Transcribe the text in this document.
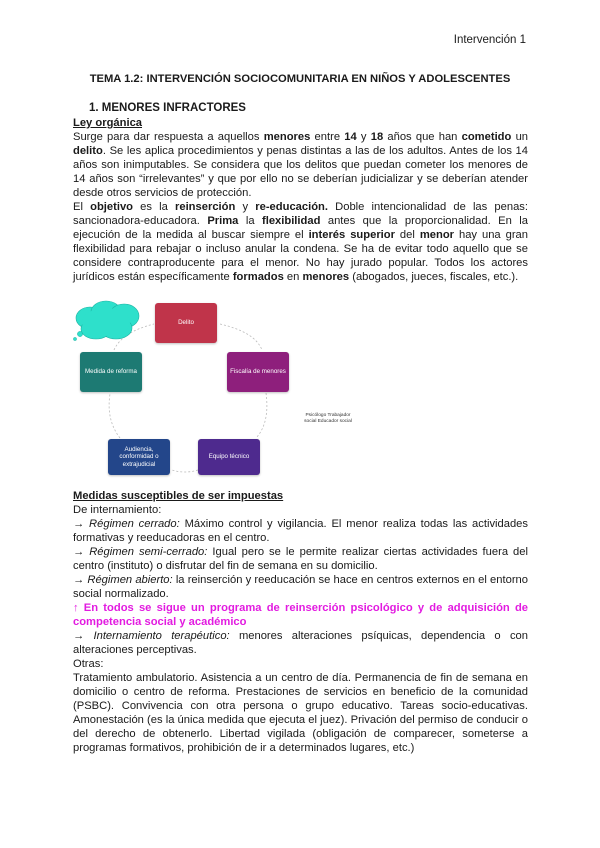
Intervención 1
TEMA 1.2: INTERVENCIÓN SOCIOCOMUNITARIA EN NIÑOS Y ADOLESCENTES
1. MENORES INFRACTORES
Ley orgánica

Surge para dar respuesta a aquellos menores entre 14 y 18 años que han cometido un delito. Se les aplica procedimientos y penas distintas a las de los adultos. Antes de los 14 años son inimputables. Se considera que los delitos que puedan cometer los menores de 14 años son “irrelevantes” y que por ello no se deberían judicializar y se deberían atender desde otros servicios de protección.

El objetivo es la reinserción y re-educación. Doble intencionalidad de las penas: sancionadora-educadora. Prima la flexibilidad antes que la proporcionalidad. En la ejecución de la medida al buscar siempre el interés superior del menor hay una gran flexibilidad para rebajar o incluso anular la condena. Se ha de evitar todo aquello que se considere contraproducente para el menor. No hay jurado popular. Todos los actores jurídicos están específicamente formados en menores (abogados, jueces, fiscales, etc.).

Delito
Fiscalía de menores
Equipo técnico
Audiencia, conformidad o extrajudicial
Medida de reforma
Psicólogo Trabajador social Educador social
Medidas susceptibles de ser impuestas

De internamiento:

→ Régimen cerrado: Máximo control y vigilancia. El menor realiza todas las actividades formativas y reeducadoras en el centro.

→ Régimen semi-cerrado: Igual pero se le permite realizar ciertas actividades fuera del centro (instituto) o disfrutar del fin de semana en su domicilio.

→ Régimen abierto: la reinserción y reeducación se hace en centros externos en el entorno social normalizado.

↑ En todos se sigue un programa de reinserción psicológico y de adquisición de competencia social y académico

→ Internamiento terapéutico: menores alteraciones psíquicas, dependencia o con alteraciones perceptivas.

Otras:

Tratamiento ambulatorio. Asistencia a un centro de día. Permanencia de fin de semana en domicilio o centro de reforma. Prestaciones de servicios en beneficio de la comunidad (PSBC). Convivencia con otra persona o grupo educativo. Tareas socio-educativas. Amonestación (es la única medida que ejecuta el juez). Privación del permiso de conducir o del derecho de obtenerlo. Libertad vigilada (obligación de comparecer, someterse a programas formativos, prohibición de ir a determinados lugares, etc.)
